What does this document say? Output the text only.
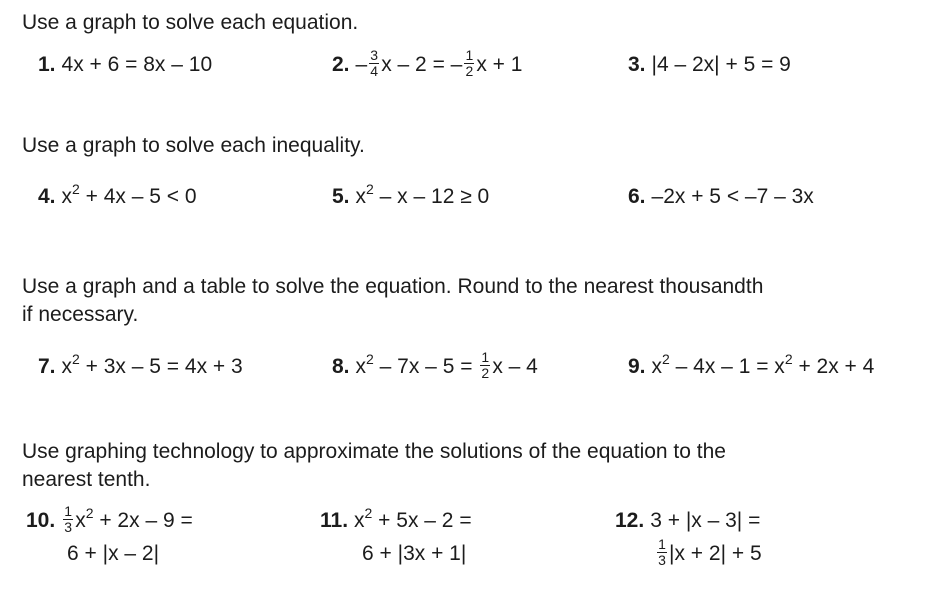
Use a graph to solve each equation.
1. 4x + 6 = 8x – 10	2. – $\frac{3}{4}$ x – 2 = – $\frac{1}{2}$ x + 1	3. |4 – 2x| + 5 = 9
Use a graph to solve each inequality.
4. $x^2 + 4x - 5 < 0$	5. $x^2 - x - 12 \ge 0$	6. –2x + 5 < –7 – 3x
Use a graph and a table to solve the equation. Round to the nearest thousandth
if necessary.
7. $x^2 + 3x - 5 = 4x + 3$	8. $x^2 - 7x - 5 = \frac{1}{2}$ x – 4	9. $x^2 - 4x - 1 = x^2 + 2x + 4$
Use graphing technology to approximate the solutions of the equation to the
nearest tenth.
10. $\frac{1}{3} x^2 + 2x - 9$ =
6 + |x – 2|
11. $x^2 + 5x - 2$ =
6 + |3x + 1|
12. 3 + |x – 3| =
$\frac{1}{3} |x + 2| + 5$
